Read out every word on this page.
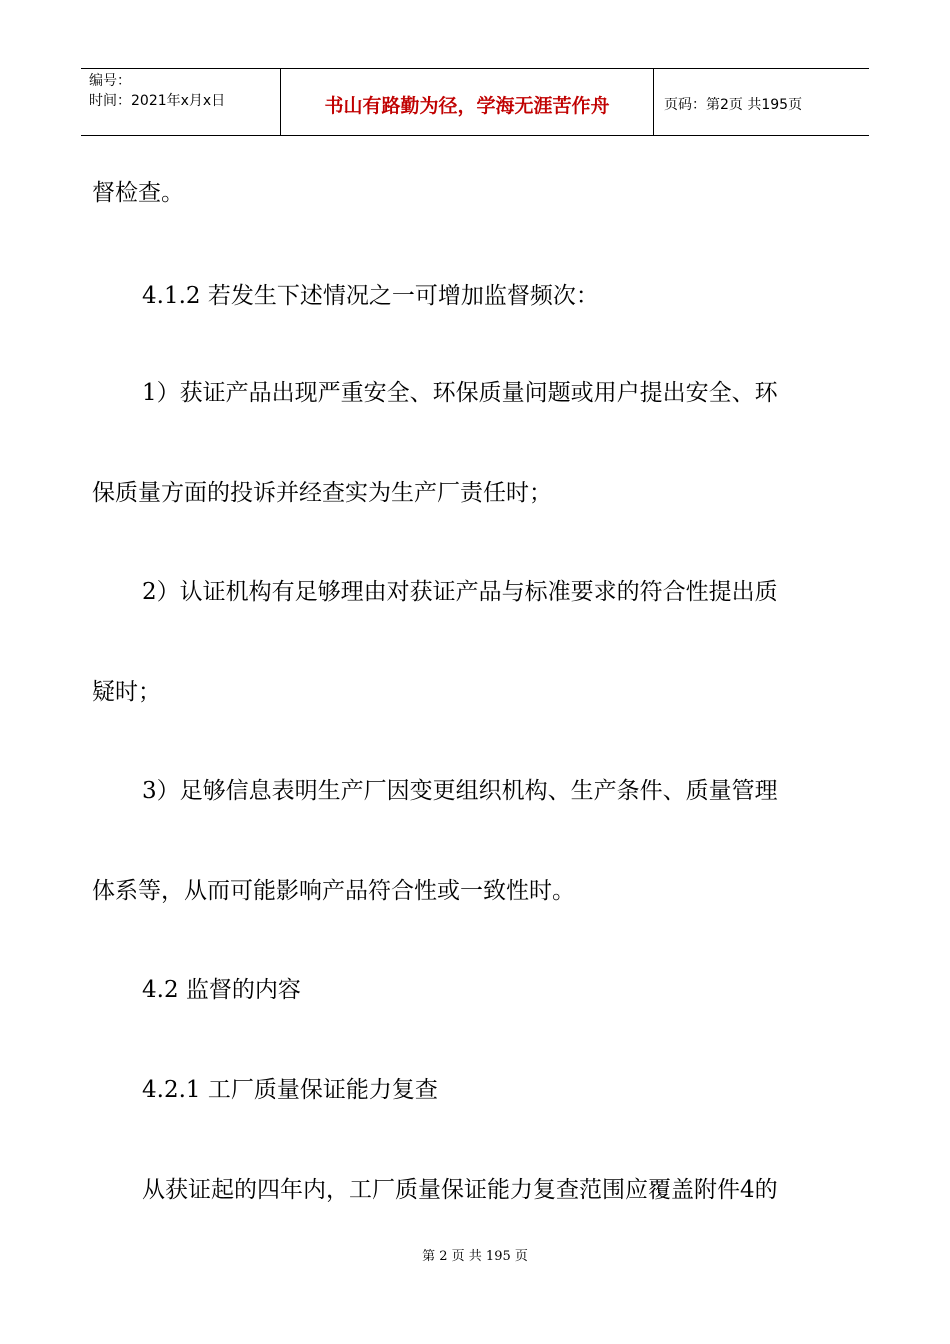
编号：
时间：2021年x月x日	书山有路勤为径，学海无涯苦作舟	页码：第2页 共195页
督检查。
4.1.2 若发生下述情况之一可增加监督频次：
1）获证产品出现严重安全、环保质量问题或用户提出安全、环
保质量方面的投诉并经查实为生产厂责任时；
2）认证机构有足够理由对获证产品与标准要求的符合性提出质
疑时；
3）足够信息表明生产厂因变更组织机构、生产条件、质量管理
体系等，从而可能影响产品符合性或一致性时。
4.2 监督的内容
4.2.1 工厂质量保证能力复查
从获证起的四年内，工厂质量保证能力复查范围应覆盖附件4的
第 2 页 共 195 页
